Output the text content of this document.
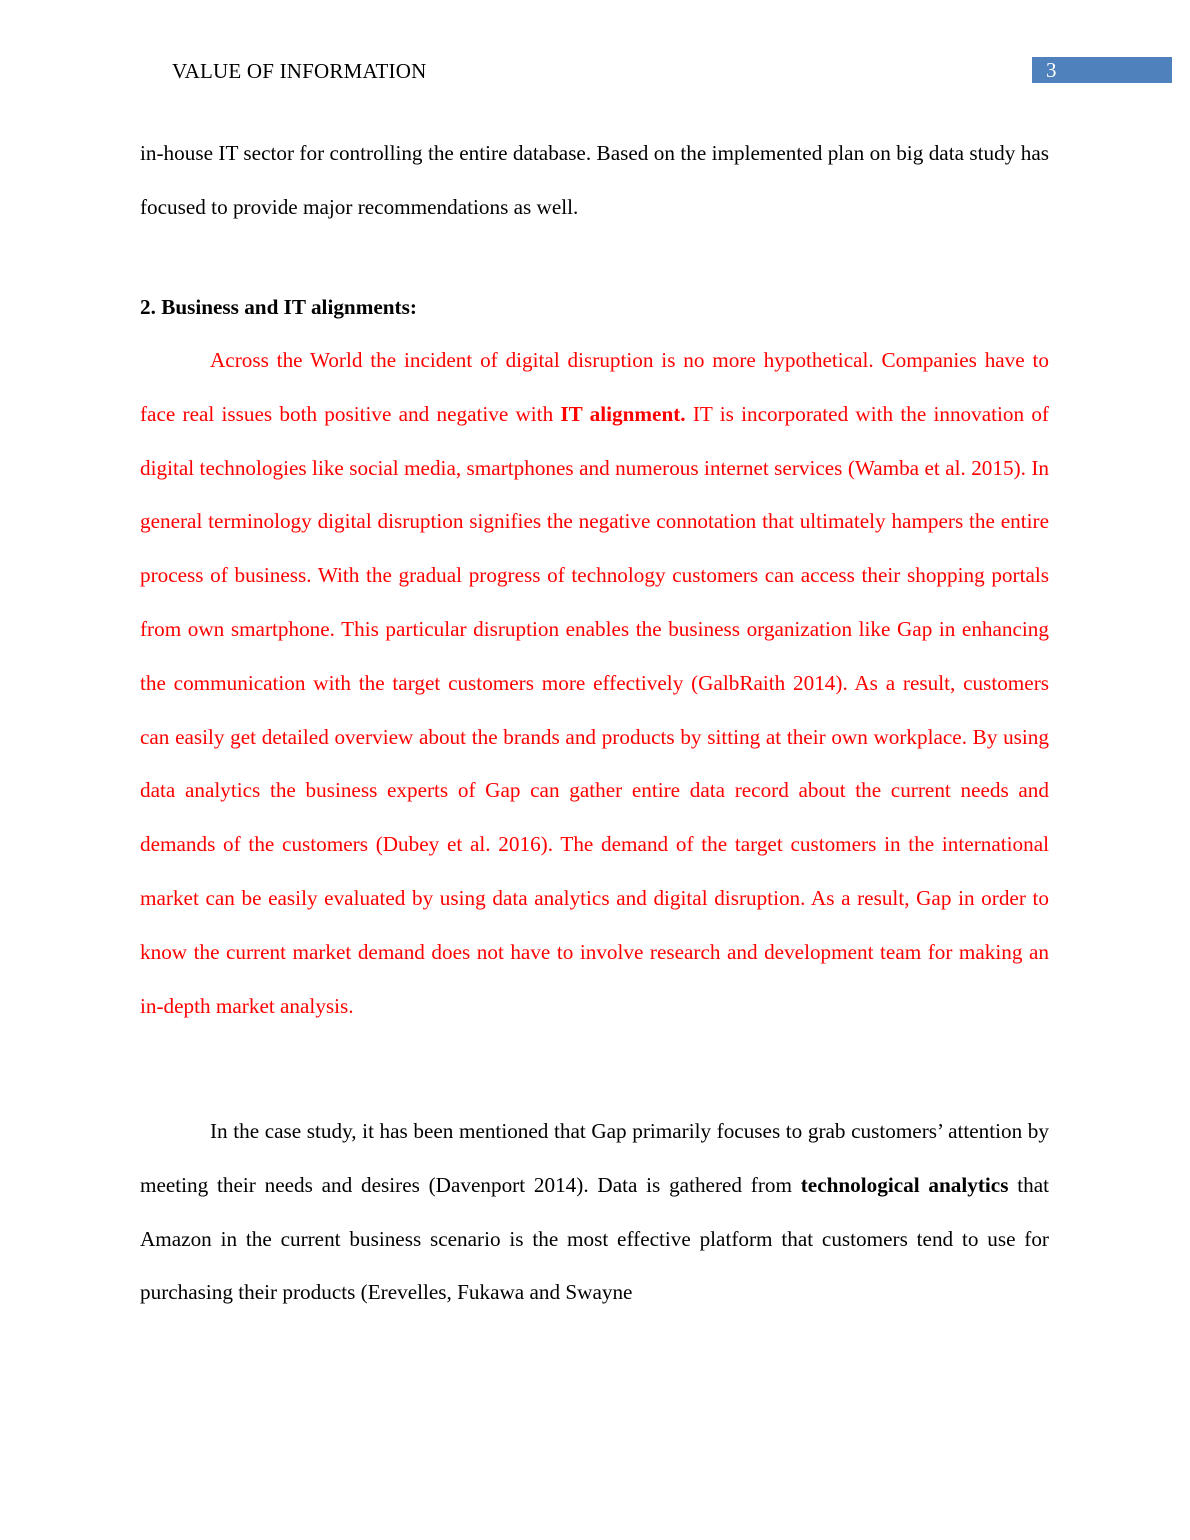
VALUE OF INFORMATION	3

in-house IT sector for controlling the entire database. Based on the implemented plan on big data study has focused to provide major recommendations as well.

2. Business and IT alignments:

Across the World the incident of digital disruption is no more hypothetical. Companies have to face real issues both positive and negative with IT alignment. IT is incorporated with the innovation of digital technologies like social media, smartphones and numerous internet services (Wamba et al. 2015). In general terminology digital disruption signifies the negative connotation that ultimately hampers the entire process of business. With the gradual progress of technology customers can access their shopping portals from own smartphone. This particular disruption enables the business organization like Gap in enhancing the communication with the target customers more effectively (GalbRaith 2014). As a result, customers can easily get detailed overview about the brands and products by sitting at their own workplace. By using data analytics the business experts of Gap can gather entire data record about the current needs and demands of the customers (Dubey et al. 2016). The demand of the target customers in the international market can be easily evaluated by using data analytics and digital disruption. As a result, Gap in order to know the current market demand does not have to involve research and development team for making an in-depth market analysis.

In the case study, it has been mentioned that Gap primarily focuses to grab customers’ attention by meeting their needs and desires (Davenport 2014). Data is gathered from technological analytics that Amazon in the current business scenario is the most effective platform that customers tend to use for purchasing their products (Erevelles, Fukawa and Swayne
